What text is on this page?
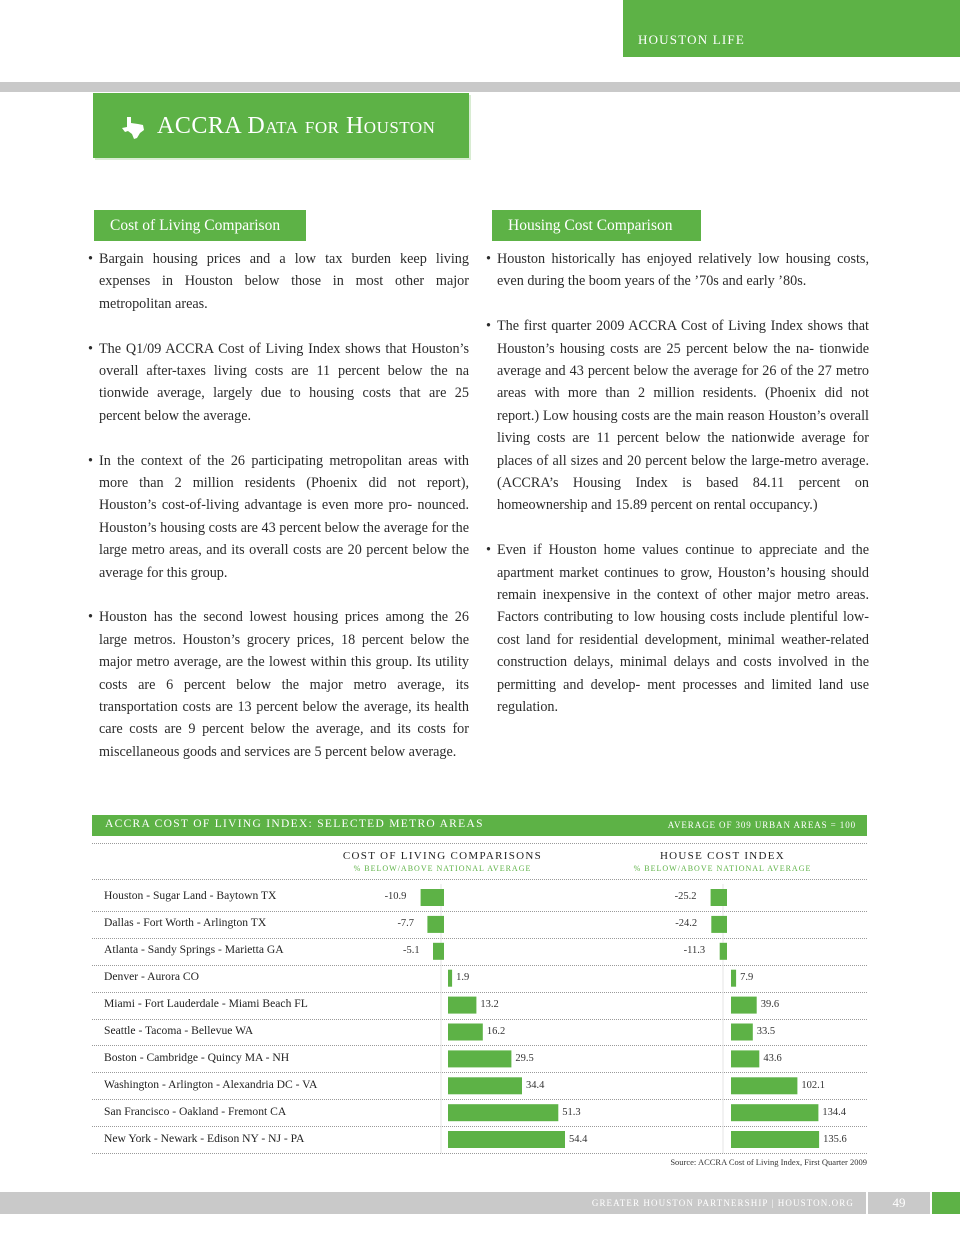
HOUSTON LIFE
ACCRA Data for Houston
Cost of Living Comparison	Housing Cost Comparison
• Bargain housing prices and a low tax burden keep living expenses in Houston below those in most other major metropolitan areas.
• The Q1/09 ACCRA Cost of Living Index shows that Houston’s overall after-taxes living costs are 11 percent below the na tionwide average, largely due to housing costs that are 25 percent below the average.
• In the context of the 26 participating metropolitan areas with more than 2 million residents (Phoenix did not report), Houston’s cost-of-living advantage is even more pro- nounced. Houston’s housing costs are 43 percent below the average for the large metro areas, and its overall costs are 20 percent below the average for this group.
• Houston has the second lowest housing prices among the 26 large metros. Houston’s grocery prices, 18 percent below the major metro average, are the lowest within this group. Its utility costs are 6 percent below the major metro average, its transportation costs are 13 percent below the average, its health care costs are 9 percent below the average, and its costs for miscellaneous goods and services are 5 percent below average.
• Houston historically has enjoyed relatively low housing costs, even during the boom years of the ’70s and early ’80s.
• The first quarter 2009 ACCRA Cost of Living Index shows that Houston’s housing costs are 25 percent below the na- tionwide average and 43 percent below the average for 26 of the 27 metro areas with more than 2 million residents. (Phoenix did not report.) Low housing costs are the main reason Houston’s overall living costs are 11 percent below the nationwide average for places of all sizes and 20 percent below the large-metro average. (ACCRA’s Housing Index is based 84.11 percent on homeownership and 15.89 percent on rental occupancy.)
• Even if Houston home values continue to appreciate and the apartment market continues to grow, Houston’s housing should remain inexpensive in the context of other major metro areas. Factors contributing to low housing costs include plentiful low-cost land for residential development, minimal weather-related construction delays, minimal delays and costs involved in the permitting and develop- ment processes and limited land use regulation.
ACCRA COST OF LIVING INDEX: SELECTED METRO AREAS	AVERAGE OF 309 URBAN AREAS = 100
COST OF LIVING COMPARISONS
% BELOW/ABOVE NATIONAL AVERAGE
HOUSE COST INDEX
% BELOW/ABOVE NATIONAL AVERAGE
Houston - Sugar Land - Baytown TX	-10.9	-25.2
Dallas - Fort Worth - Arlington TX	-7.7	-24.2
Atlanta - Sandy Springs - Marietta GA	-5.1	-11.3
Denver - Aurora CO	1.9	7.9
Miami - Fort Lauderdale - Miami Beach FL	13.2	39.6
Seattle - Tacoma - Bellevue WA	16.2	33.5
Boston - Cambridge - Quincy MA - NH	29.5	43.6
Washington - Arlington - Alexandria DC - VA	34.4	102.1
San Francisco - Oakland - Fremont CA	51.3	134.4
New York - Newark - Edison NY - NJ - PA	54.4	135.6
Source: ACCRA Cost of Living Index, First Quarter 2009
GREATER HOUSTON PARTNERSHIP | HOUSTON.ORG	49
